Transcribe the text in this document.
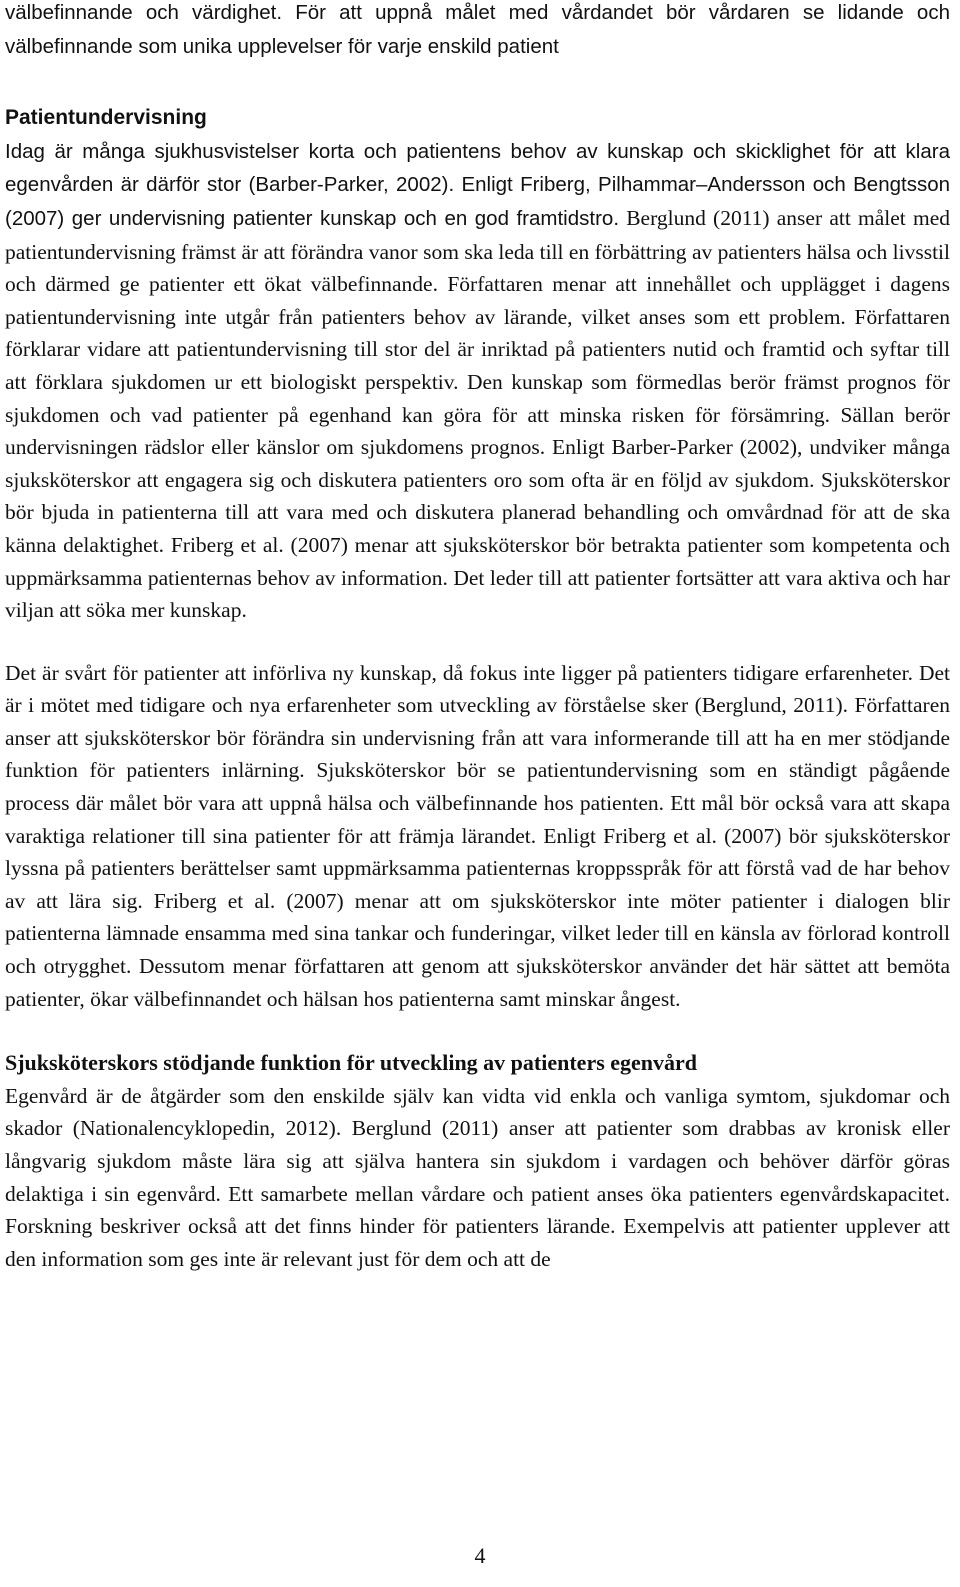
välbefinnande och värdighet. För att uppnå målet med vårdandet bör vårdaren se lidande och välbefinnande som unika upplevelser för varje enskild patient

Patientundervisning

Idag är många sjukhusvistelser korta och patientens behov av kunskap och skicklighet för att klara egenvården är därför stor (Barber-Parker, 2002). Enligt Friberg, Pilhammar–Andersson och Bengtsson (2007) ger undervisning patienter kunskap och en god framtidstro. Berglund (2011) anser att målet med patientundervisning främst är att förändra vanor som ska leda till en förbättring av patienters hälsa och livsstil och därmed ge patienter ett ökat välbefinnande. Författaren menar att innehållet och upplägget i dagens patientundervisning inte utgår från patienters behov av lärande, vilket anses som ett problem. Författaren förklarar vidare att patientundervisning till stor del är inriktad på patienters nutid och framtid och syftar till att förklara sjukdomen ur ett biologiskt perspektiv. Den kunskap som förmedlas berör främst prognos för sjukdomen och vad patienter på egenhand kan göra för att minska risken för försämring. Sällan berör undervisningen rädslor eller känslor om sjukdomens prognos. Enligt Barber-Parker (2002), undviker många sjuksköterskor att engagera sig och diskutera patienters oro som ofta är en följd av sjukdom. Sjuksköterskor bör bjuda in patienterna till att vara med och diskutera planerad behandling och omvårdnad för att de ska känna delaktighet. Friberg et al. (2007) menar att sjuksköterskor bör betrakta patienter som kompetenta och uppmärksamma patienternas behov av information. Det leder till att patienter fortsätter att vara aktiva och har viljan att söka mer kunskap.

Det är svårt för patienter att införliva ny kunskap, då fokus inte ligger på patienters tidigare erfarenheter. Det är i mötet med tidigare och nya erfarenheter som utveckling av förståelse sker (Berglund, 2011). Författaren anser att sjuksköterskor bör förändra sin undervisning från att vara informerande till att ha en mer stödjande funktion för patienters inlärning. Sjuksköterskor bör se patientundervisning som en ständigt pågående process där målet bör vara att uppnå hälsa och välbefinnande hos patienten. Ett mål bör också vara att skapa varaktiga relationer till sina patienter för att främja lärandet. Enligt Friberg et al. (2007) bör sjuksköterskor lyssna på patienters berättelser samt uppmärksamma patienternas kroppsspråk för att förstå vad de har behov av att lära sig. Friberg et al. (2007) menar att om sjuksköterskor inte möter patienter i dialogen blir patienterna lämnade ensamma med sina tankar och funderingar, vilket leder till en känsla av förlorad kontroll och otrygghet. Dessutom menar författaren att genom att sjuksköterskor använder det här sättet att bemöta patienter, ökar välbefinnandet och hälsan hos patienterna samt minskar ångest.

Sjuksköterskors stödjande funktion för utveckling av patienters egenvård

Egenvård är de åtgärder som den enskilde själv kan vidta vid enkla och vanliga symtom, sjukdomar och skador (Nationalencyklopedin, 2012). Berglund (2011) anser att patienter som drabbas av kronisk eller långvarig sjukdom måste lära sig att själva hantera sin sjukdom i vardagen och behöver därför göras delaktiga i sin egenvård. Ett samarbete mellan vårdare och patient anses öka patienters egenvårdskapacitet. Forskning beskriver också att det finns hinder för patienters lärande. Exempelvis att patienter upplever att den information som ges inte är relevant just för dem och att de

4
